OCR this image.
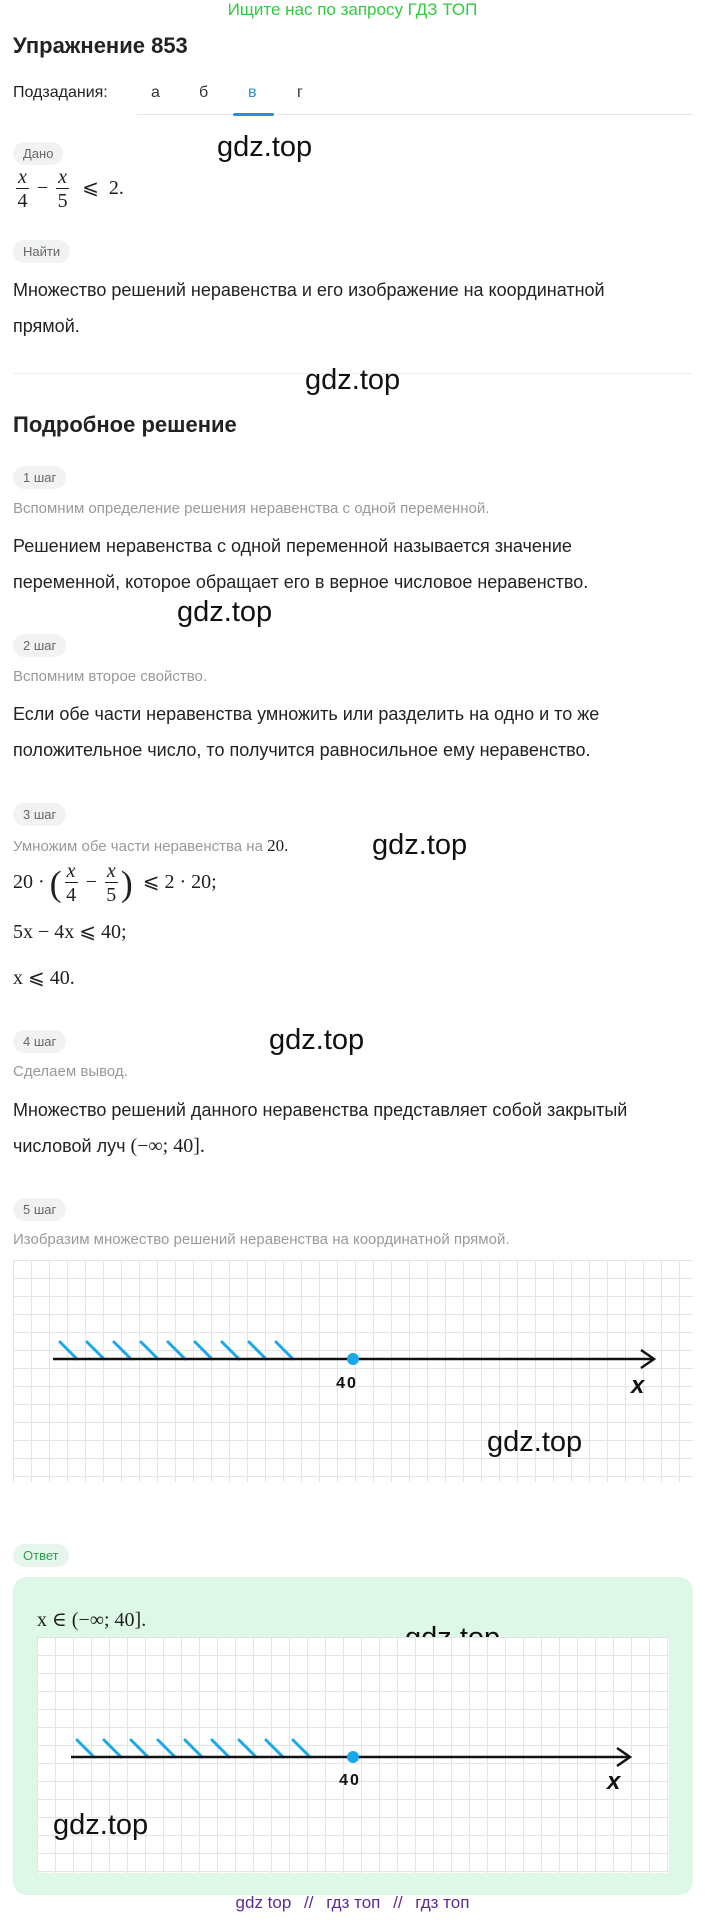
Ищите нас по запросу ГДЗ ТОП
Упражнение 853
Подзадания:	а б в	г
Дано	gdz.top
$\frac{x}{4} - \frac{x}{5}$ ⩽ 2.
Найти
Множество решений неравенства и его изображение на координатной
прямой.
gdz.top
Подробное решение
1 шаг
Вспомним определение решения неравенства с одной переменной.
Решением неравенства с одной переменной называется значение
переменной, которое обращает его в верное числовое неравенство.
gdz.top
2 шаг
Вспомним второе свойство.
Если обе части неравенства умножить или разделить на одно и то же
положительное число, то получится равносильное ему неравенство.
3 шаг
Умножим обе части неравенства на 20.	gdz.top
20 · ( $\frac{x}{4} - \frac{x}{5}$ ) ⩽ 2 · 20;
5x − 4x ⩽ 40;
x ⩽ 40.
gdz.top
4 шаг
Сделаем вывод.
Множество решений данного неравенства представляет собой закрытый
числовой луч (−∞; 40].
5 шаг
Изобразим множество решений неравенства на координатной прямой.
40	x
gdz.top
Ответ
x ∈ (−∞; 40].
40	x
gdz.top
gdz top // гдз топ // гдз топ
